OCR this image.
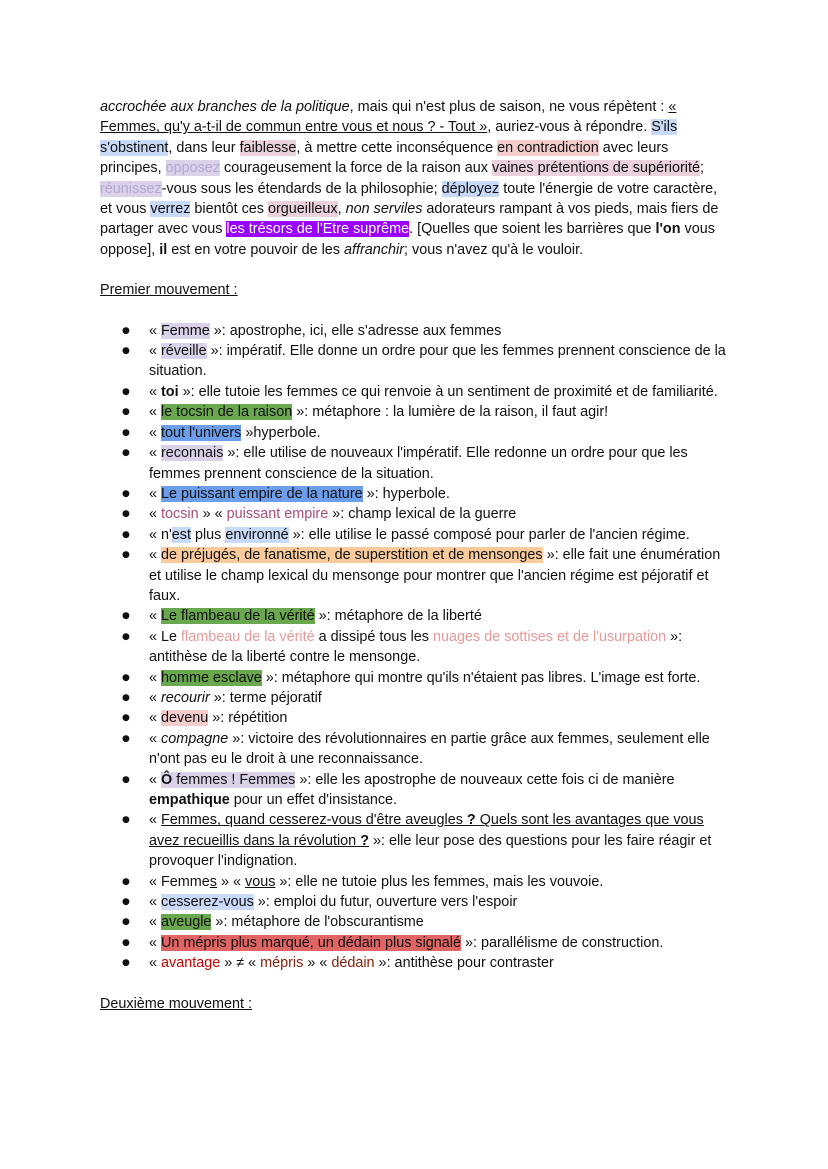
accrochée aux branches de la politique, mais qui n'est plus de saison, ne vous répètent : « Femmes, qu'y a-t-il de commun entre vous et nous ? - Tout », auriez-vous à répondre. S'ils s'obstinent, dans leur faiblesse, à mettre cette inconséquence en contradiction avec leurs principes, opposez courageusement la force de la raison aux vaines prétentions de supériorité; réunissez-vous sous les étendards de la philosophie; déployez toute l'énergie de votre caractère, et vous verrez bientôt ces orgueilleux, non serviles adorateurs rampant à vos pieds, mais fiers de partager avec vous les trésors de l'Etre suprême. [Quelles que soient les barrières que l'on vous oppose], il est en votre pouvoir de les affranchir; vous n'avez qu'à le vouloir.

Premier mouvement :

● « Femme »: apostrophe, ici, elle s'adresse aux femmes
● « réveille »: impératif. Elle donne un ordre pour que les femmes prennent conscience de la situation.
● « toi »: elle tutoie les femmes ce qui renvoie à un sentiment de proximité et de familiarité.
● « le tocsin de la raison »: métaphore : la lumière de la raison, il faut agir!
● « tout l'univers »hyperbole.
● « reconnais »: elle utilise de nouveaux l'impératif. Elle redonne un ordre pour que les femmes prennent conscience de la situation.
● « Le puissant empire de la nature »: hyperbole.
● « tocsin » « puissant empire »: champ lexical de la guerre
● « n'est plus environné »: elle utilise le passé composé pour parler de l'ancien régime.
● « de préjugés, de fanatisme, de superstition et de mensonges »: elle fait une énumération et utilise le champ lexical du mensonge pour montrer que l'ancien régime est péjoratif et faux.
● « Le flambeau de la vérité »: métaphore de la liberté
● « Le flambeau de la vérité a dissipé tous les nuages de sottises et de l'usurpation »: antithèse de la liberté contre le mensonge.
● « homme esclave »: métaphore qui montre qu'ils n'étaient pas libres. L'image est forte.
● « recourir »: terme péjoratif
● « devenu »: répétition
● « compagne »: victoire des révolutionnaires en partie grâce aux femmes, seulement elle n'ont pas eu le droit à une reconnaissance.
● « Ô femmes ! Femmes »: elle les apostrophe de nouveaux cette fois ci de manière empathique pour un effet d'insistance.
● « Femmes, quand cesserez-vous d'être aveugles ? Quels sont les avantages que vous avez recueillis dans la révolution ? »: elle leur pose des questions pour les faire réagir et provoquer l'indignation.
● « Femmes » « vous »: elle ne tutoie plus les femmes, mais les vouvoie.
● « cesserez-vous »: emploi du futur, ouverture vers l'espoir
● « aveugle »: métaphore de l'obscurantisme
● « Un mépris plus marqué, un dédain plus signalé »: parallélisme de construction.
● « avantage » ≠ « mépris » « dédain »: antithèse pour contraster

Deuxième mouvement :
